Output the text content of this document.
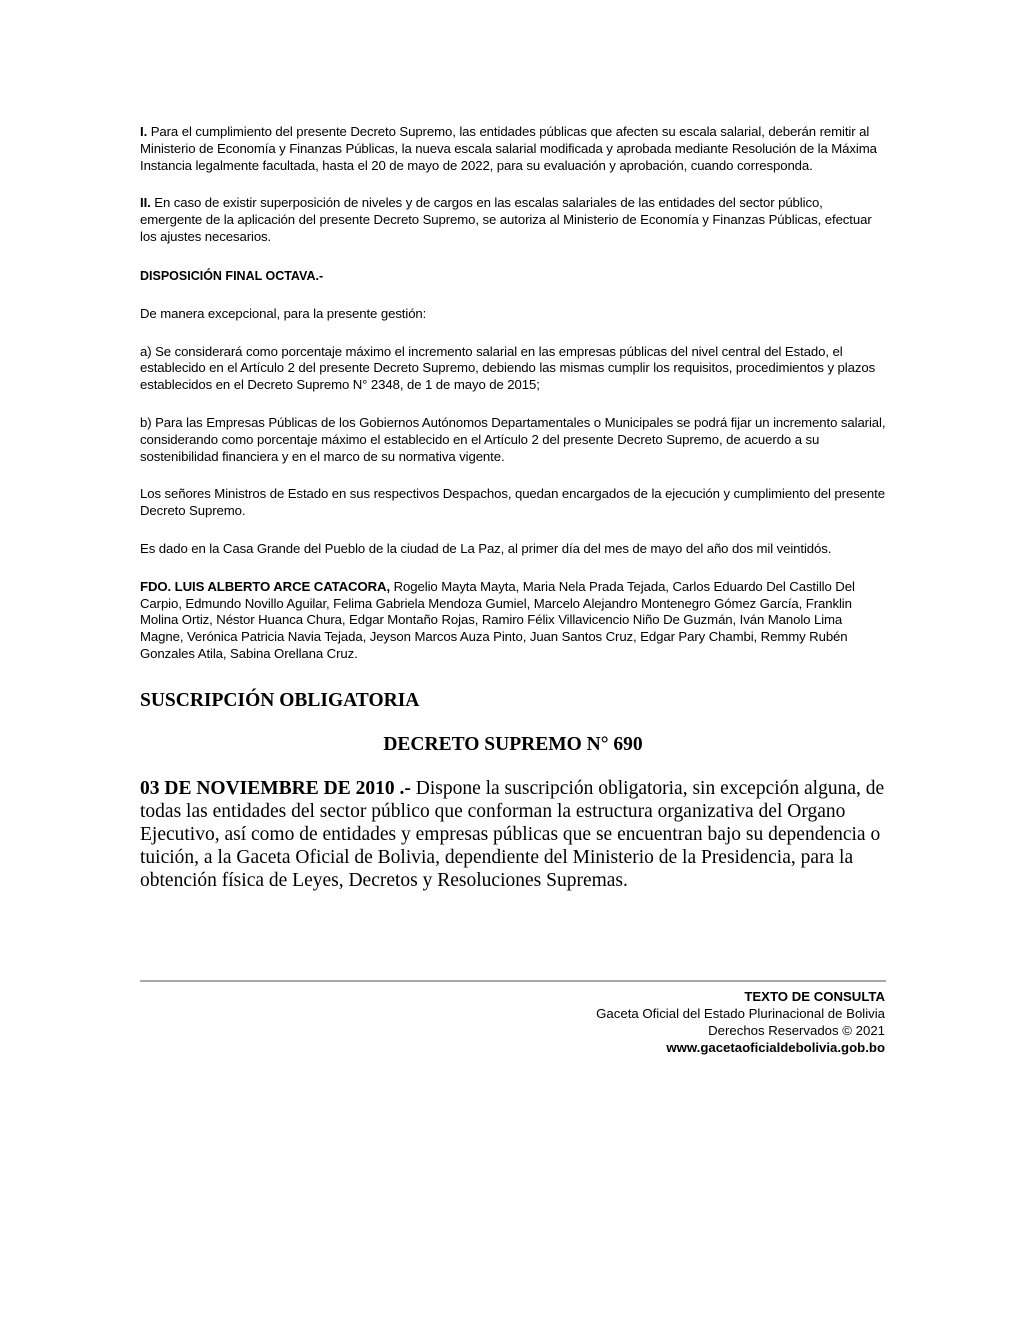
I. Para el cumplimiento del presente Decreto Supremo, las entidades públicas que afecten su escala salarial, deberán remitir al Ministerio de Economía y Finanzas Públicas, la nueva escala salarial modificada y aprobada mediante Resolución de la Máxima Instancia legalmente facultada, hasta el 20 de mayo de 2022, para su evaluación y aprobación, cuando corresponda.

II. En caso de existir superposición de niveles y de cargos en las escalas salariales de las entidades del sector público, emergente de la aplicación del presente Decreto Supremo, se autoriza al Ministerio de Economía y Finanzas Públicas, efectuar los ajustes necesarios.

DISPOSICIÓN FINAL OCTAVA.-

De manera excepcional, para la presente gestión:

a) Se considerará como porcentaje máximo el incremento salarial en las empresas públicas del nivel central del Estado, el establecido en el Artículo 2 del presente Decreto Supremo, debiendo las mismas cumplir los requisitos, procedimientos y plazos establecidos en el Decreto Supremo N° 2348, de 1 de mayo de 2015;

b) Para las Empresas Públicas de los Gobiernos Autónomos Departamentales o Municipales se podrá fijar un incremento salarial, considerando como porcentaje máximo el establecido en el Artículo 2 del presente Decreto Supremo, de acuerdo a su sostenibilidad financiera y en el marco de su normativa vigente.

Los señores Ministros de Estado en sus respectivos Despachos, quedan encargados de la ejecución y cumplimiento del presente Decreto Supremo.

Es dado en la Casa Grande del Pueblo de la ciudad de La Paz, al primer día del mes de mayo del año dos mil veintidós.

FDO. LUIS ALBERTO ARCE CATACORA, Rogelio Mayta Mayta, Maria Nela Prada Tejada, Carlos Eduardo Del Castillo Del Carpio, Edmundo Novillo Aguilar, Felima Gabriela Mendoza Gumiel, Marcelo Alejandro Montenegro Gómez García, Franklin Molina Ortiz, Néstor Huanca Chura, Edgar Montaño Rojas, Ramiro Félix Villavicencio Niño De Guzmán, Iván Manolo Lima Magne, Verónica Patricia Navia Tejada, Jeyson Marcos Auza Pinto, Juan Santos Cruz, Edgar Pary Chambi, Remmy Rubén Gonzales Atila, Sabina Orellana Cruz.

SUSCRIPCIÓN OBLIGATORIA

DECRETO SUPREMO N° 690

03 DE NOVIEMBRE DE 2010 .- Dispone la suscripción obligatoria, sin excepción alguna, de todas las entidades del sector público que conforman la estructura organizativa del Organo Ejecutivo, así como de entidades y empresas públicas que se encuentran bajo su dependencia o tuición, a la Gaceta Oficial de Bolivia, dependiente del Ministerio de la Presidencia, para la obtención física de Leyes, Decretos y Resoluciones Supremas.

TEXTO DE CONSULTA
Gaceta Oficial del Estado Plurinacional de Bolivia
Derechos Reservados © 2021
www.gacetaoficialdebolivia.gob.bo
